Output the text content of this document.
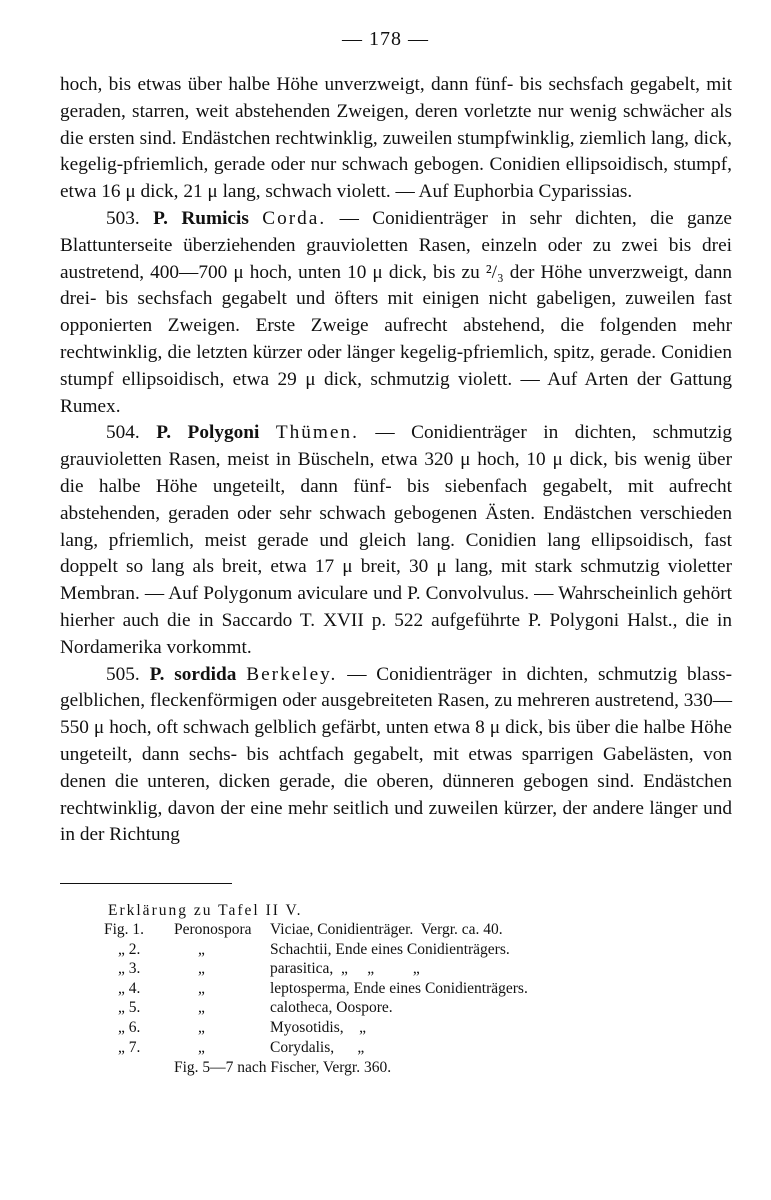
— 178 —

hoch, bis etwas über halbe Höhe unverzweigt, dann fünf- bis sechsfach gegabelt, mit geraden, starren, weit abstehenden Zweigen, deren vorletzte nur wenig schwächer als die ersten sind. Endästchen rechtwinklig, zuweilen stumpfwinklig, ziemlich lang, dick, kegelig-pfriemlich, gerade oder nur schwach gebogen. Conidien ellipsoidisch, stumpf, etwa 16 μ dick, 21 μ lang, schwach violett. — Auf Euphorbia Cyparissias.

503. P. Rumicis Corda. — Conidienträger in sehr dichten, die ganze Blattunterseite überziehenden grauvioletten Rasen, einzeln oder zu zwei bis drei austretend, 400—700 μ hoch, unten 10 μ dick, bis zu ²/₃ der Höhe unverzweigt, dann drei- bis sechsfach gegabelt und öfters mit einigen nicht gabeligen, zuweilen fast opponierten Zweigen. Erste Zweige aufrecht abstehend, die folgenden mehr rechtwinklig, die letzten kürzer oder länger kegelig-pfriemlich, spitz, gerade. Conidien stumpf ellipsoidisch, etwa 29 μ dick, schmutzig violett. — Auf Arten der Gattung Rumex.

504. P. Polygoni Thümen. — Conidienträger in dichten, schmutzig grauvioletten Rasen, meist in Büscheln, etwa 320 μ hoch, 10 μ dick, bis wenig über die halbe Höhe ungeteilt, dann fünf- bis siebenfach gegabelt, mit aufrecht abstehenden, geraden oder sehr schwach gebogenen Ästen. Endästchen verschieden lang, pfriemlich, meist gerade und gleich lang. Conidien lang ellipsoidisch, fast doppelt so lang als breit, etwa 17 μ breit, 30 μ lang, mit stark schmutzig violetter Membran. — Auf Polygonum aviculare und P. Convolvulus. — Wahrscheinlich gehört hierher auch die in Saccardo T. XVII p. 522 aufgeführte P. Polygoni Halst., die in Nordamerika vorkommt.

505. P. sordida Berkeley. — Conidienträger in dichten, schmutzig blass-gelblichen, fleckenförmigen oder ausgebreiteten Rasen, zu mehreren austretend, 330—550 μ hoch, oft schwach gelblich gefärbt, unten etwa 8 μ dick, bis über die halbe Höhe ungeteilt, dann sechs- bis achtfach gegabelt, mit etwas sparrigen Gabelästen, von denen die unteren, dicken gerade, die oberen, dünneren gebogen sind. Endästchen rechtwinklig, davon der eine mehr seitlich und zuweilen kürzer, der andere länger und in der Richtung

Erklärung zu Tafel II V.
Fig. 1.	Peronospora	Viciae, Conidienträger.  Vergr. ca. 40.
„ 2.	„	Schachtii, Ende eines Conidienträgers.
„ 3.	„	parasitica,  „     „          „
„ 4.	„	leptosperma, Ende eines Conidienträgers.
„ 5.	„	calotheca, Oospore.
„ 6.	„	Myosotidis,    „
„ 7.	„	Corydalis,      „
Fig. 5—7 nach Fischer, Vergr. 360.
